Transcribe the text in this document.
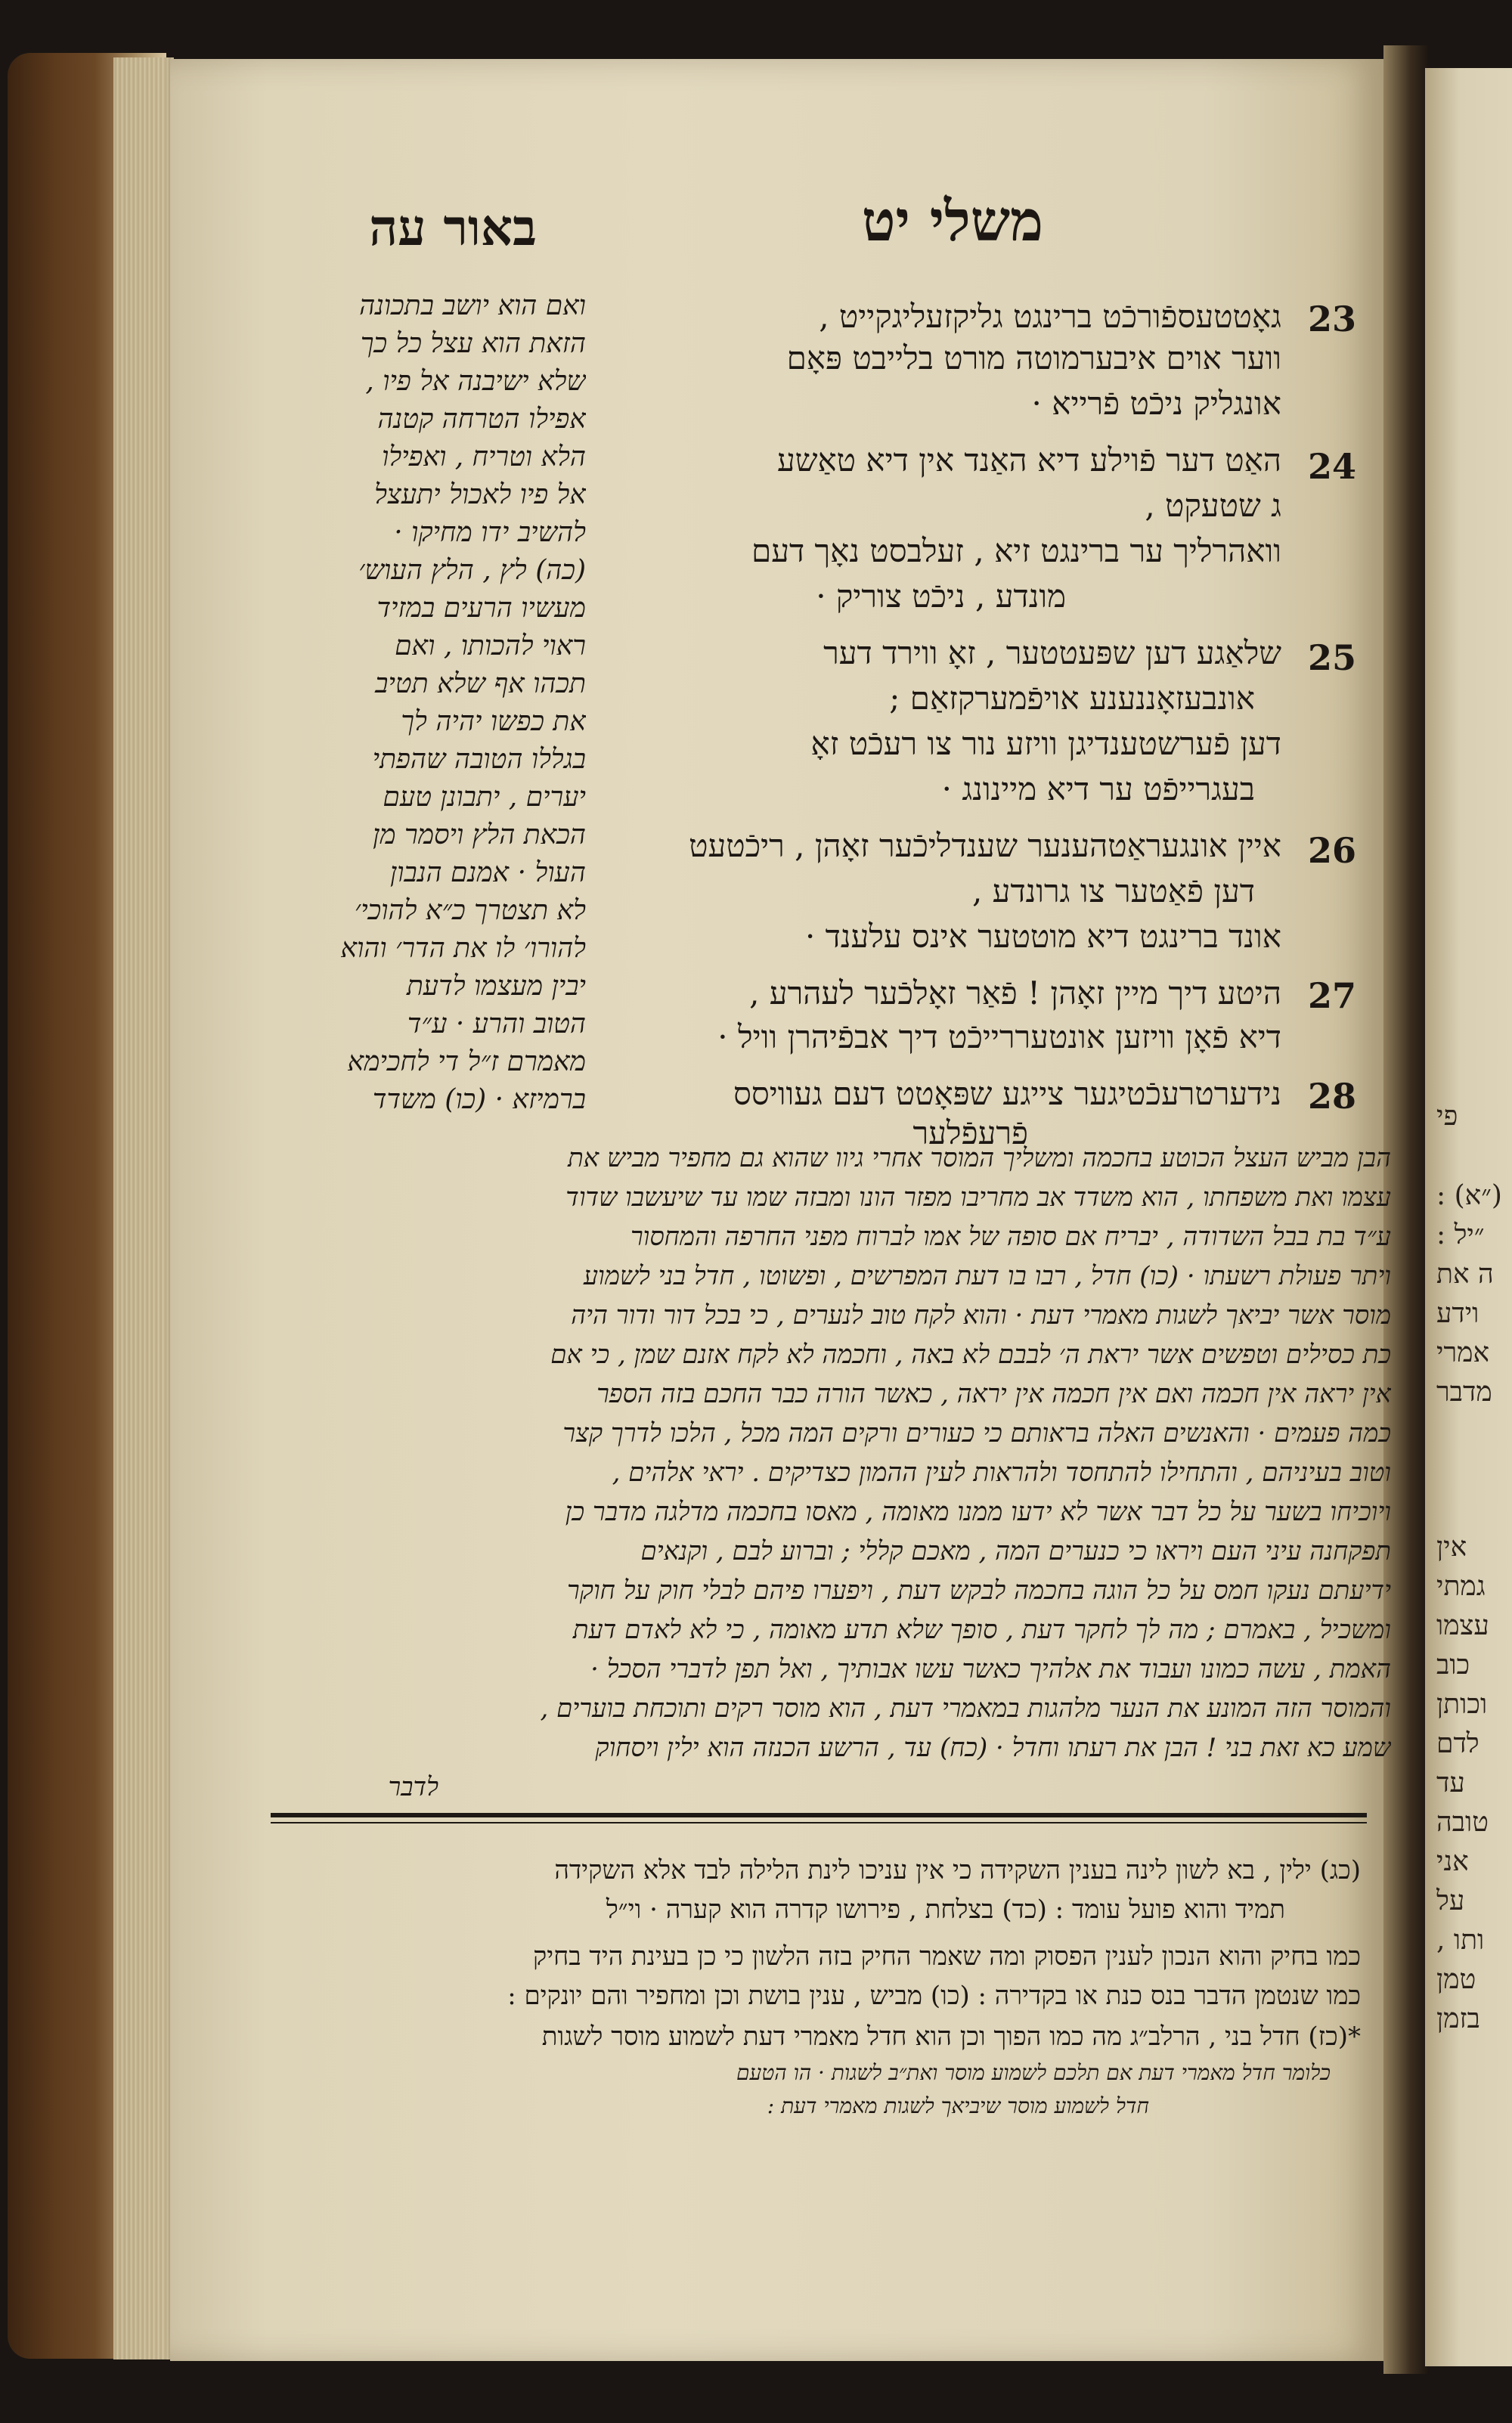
משלי יט
באור עה
23
24
25
26
27
28
גאָטטעספֿורכֿט ברינגט גליקזעליגקייט ,
ווער אוים איבערמוטה מורט בלייבט פּאָם
אונגליק ניכֿט פֿרייא ·
האַט דער פֿוילע דיא האַנד אין דיא טאַשע
ג שטעקט ,
וואהרליך ער ברינגט זיא , זעלבסט נאָך דעם
מונדע , ניכֿט צוריק ·
שלאַגע דען שפּעטטער , זאָ ווירד דער
אונבעזאָננענע אויפֿמערקזאַם ;
דען פֿערשטענדיגן וויזע נור צו רעכֿט זאָ
בעגרייפֿט ער דיא מיינונג ·
איין אונגעראַטהענער שענדליכֿער זאָהן , ריכֿטעט
דען פֿאַטער צו גרונדע ,
אונד ברינגט דיא מוטטער אינס עלענד ·
היטע דיך מיין זאָהן ! פֿאַר זאָלכֿער לעהרע ,
דיא פֿאָן וויזען אונטעררייכֿט דיך אבפֿיהרן וויל ·
נידערטרעכֿטיגער צייגע שפּאָטט דעם געוויסס
פֿרעפֿלער
ואם הוא יושב בתכונה
הזאת הוא עצל כל כך
שלא ישיבנה אל פיו ,
אפילו הטרחה קטנה
הלא וטריח , ואפילו
אל פיו לאכול יתעצל
להשיב ידו מחיקו ·
(כה) לץ , הלץ העוש׳
מעשיו הרעים במזיד
ראוי להכותו , ואם
תכהו אף שלא תטיב
את כפשו יהיה לך
בגללו הטובה שהפתי
יערים , יתבונן טעם
הכאת הלץ ויסמר מן
העול · אמנם הנבון
לא תצטרך כ״א להוכי׳
להורו׳ לו את הדר׳ והוא
יבין מעצמו לדעת
הטוב והרע · ע״ד
מאמרם ז״ל די לחכימא
ברמיזא · (כו) משדד
הבן מביש העצל הכוטע בחכמה ומשליך המוסר אחרי גיוו שהוא גם מחפיר מביש את
עצמו ואת משפחתו , הוא משדד אב מחריבו מפזר הונו ומבזה שמו עד שיעשבו שדוד
ע״ד בת בבל השדודה , יבריח אם סופה של אמו לברוח מפני החרפה והמחסור
ויתר פעולת רשעתו · (כו) חדל , רבו בו דעת המפרשים , ופשוטו , חדל בני לשמוע
מוסר אשר יביאך לשגות מאמרי דעת · והוא לקח טוב לנערים , כי בכל דור ודור היה
כת כסילים וטפשים אשר יראת ה׳ לבבם לא באה , וחכמה לא לקח אזנם שמן , כי אם
אין יראה אין חכמה ואם אין חכמה אין יראה , כאשר הורה כבר החכם בזה הספר
כמה פעמים · והאנשים האלה בראותם כי כעורים ורקים המה מכל , הלכו לדרך קצר
וטוב בעיניהם , והתחילו להתחסד ולהראות לעין ההמון כצדיקים . יראי אלהים ,
ויוכיחו בשער על כל דבר אשר לא ידעו ממנו מאומה , מאסו בחכמה מדלגה מדבר כן
תפקחנה עיני העם ויראו כי כנערים המה , מאכם קללי ; וברוע לבם , וקנאים
ידיעתם נעקו חמס על כל הוגה בחכמה לבקש דעת , ויפערו פיהם לבלי חוק על חוקר
ומשכיל , באמרם ; מה לך לחקר דעת , סופך שלא תדע מאומה , כי לא לאדם דעת
האמת , עשה כמונו ועבוד את אלהיך כאשר עשו אבותיך , ואל תפן לדברי הסכל ·
והמוסר הזה המונע את הנער מלהגות במאמרי דעת , הוא מוסר רקים ותוכחת בוערים ,
שמע כא זאת בני ! הבן את רעתו וחדל · (כח) עד , הרשע הכנזה הוא ילין ויסחוק
לדבר
(כג) ילין , בא לשון לינה בענין השקידה כי אין עניכו לינת הלילה לבד אלא השקידה
תמיד והוא פועל עומד : (כד) בצלחת , פירושו קדרה הוא קערה · וי״ל
כמו בחיק והוא הנכון לענין הפסוק ומה שאמר החיק בזה הלשון כי כן בעינת היד בחיק
כמו שנטמן הדבר בנס כנת או בקדירה : (כו) מביש , ענין בושת וכן ומחפיר והם יונקים :
*(כז) חדל בני , הרלב״ג מה כמו הפוך וכן הוא חדל מאמרי דעת לשמוע מוסר לשגות
כלומר חדל מאמרי דעת אם תלכם לשמוע מוסר ואת״ב לשגות · הו הטעם
חדל לשמוע מוסר שיביאך לשגות מאמרי דעת :
פי
(״א) :
״יל :
ה את
וידע
אמרי
מדבר
אין
גמתי
עצמו
כוב
וכותן
לדם
עד
טובה
אני
על
ותו ,
טמן
בזמן
